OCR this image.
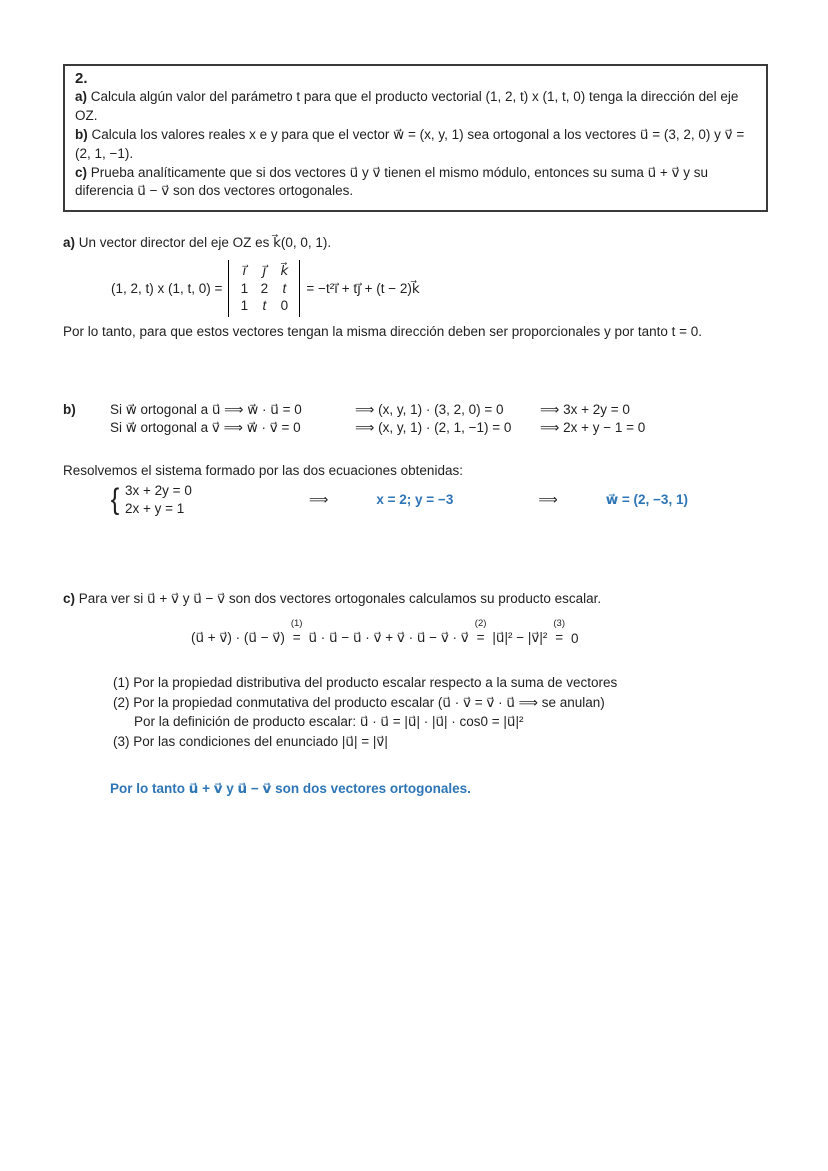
2.

a) Calcula algún valor del parámetro t para que el producto vectorial (1, 2, t) x (1, t, 0) tenga la dirección del eje OZ.

b) Calcula los valores reales x e y para que el vector w⃗ = (x, y, 1) sea ortogonal a los vectores u⃗ = (3, 2, 0) y v⃗ = (2, 1, −1).

c) Prueba analíticamente que si dos vectores u⃗ y v⃗ tienen el mismo módulo, entonces su suma u⃗ + v⃗ y su diferencia u⃗ − v⃗ son dos vectores ortogonales.

a) Un vector director del eje OZ es k⃗(0, 0, 1).

(1, 2, t) x (1, t, 0) =
i⃗	j⃗	k⃗
1 2	t
1	t	0
= −t²i⃗ + tj⃗ + (t − 2)k⃗

Por lo tanto, para que estos vectores tengan la misma dirección deben ser proporcionales y por tanto t = 0.

b)	Si w⃗ ortogonal a u⃗ ⟹ w⃗ · u⃗ = 0	⟹ (x, y, 1) · (3, 2, 0) = 0	⟹ 3x + 2y = 0
Si w⃗ ortogonal a v⃗ ⟹ w⃗ · v⃗ = 0	⟹ (x, y, 1) · (2, 1, −1) = 0	⟹ 2x + y − 1 = 0

Resolvemos el sistema formado por las dos ecuaciones obtenidas:

{ 3x + 2y = 0
2x + y = 1
⟹	x = 2; y = −3	⟹	w⃗ = (2, −3, 1)

c) Para ver si u⃗ + v⃗ y u⃗ − v⃗ son dos vectores ortogonales calculamos su producto escalar.

(u⃗ + v⃗) · (u⃗ − v⃗)
(1)
= u⃗ · u⃗ − u⃗ · v⃗ + v⃗ · u⃗ − v⃗ · v⃗
(2)
= |u⃗|² − |v⃗|²
(3)
= 0

(1) Por la propiedad distributiva del producto escalar respecto a la suma de vectores

(2) Por la propiedad conmutativa del producto escalar (u⃗ · v⃗ = v⃗ · u⃗ ⟹ se anulan)

Por la definición de producto escalar: u⃗ · u⃗ = |u⃗| · |u⃗| · cos0 = |u⃗|²

(3) Por las condiciones del enunciado |u⃗| = |v⃗|

Por lo tanto u⃗ + v⃗ y u⃗ − v⃗ son dos vectores ortogonales.
